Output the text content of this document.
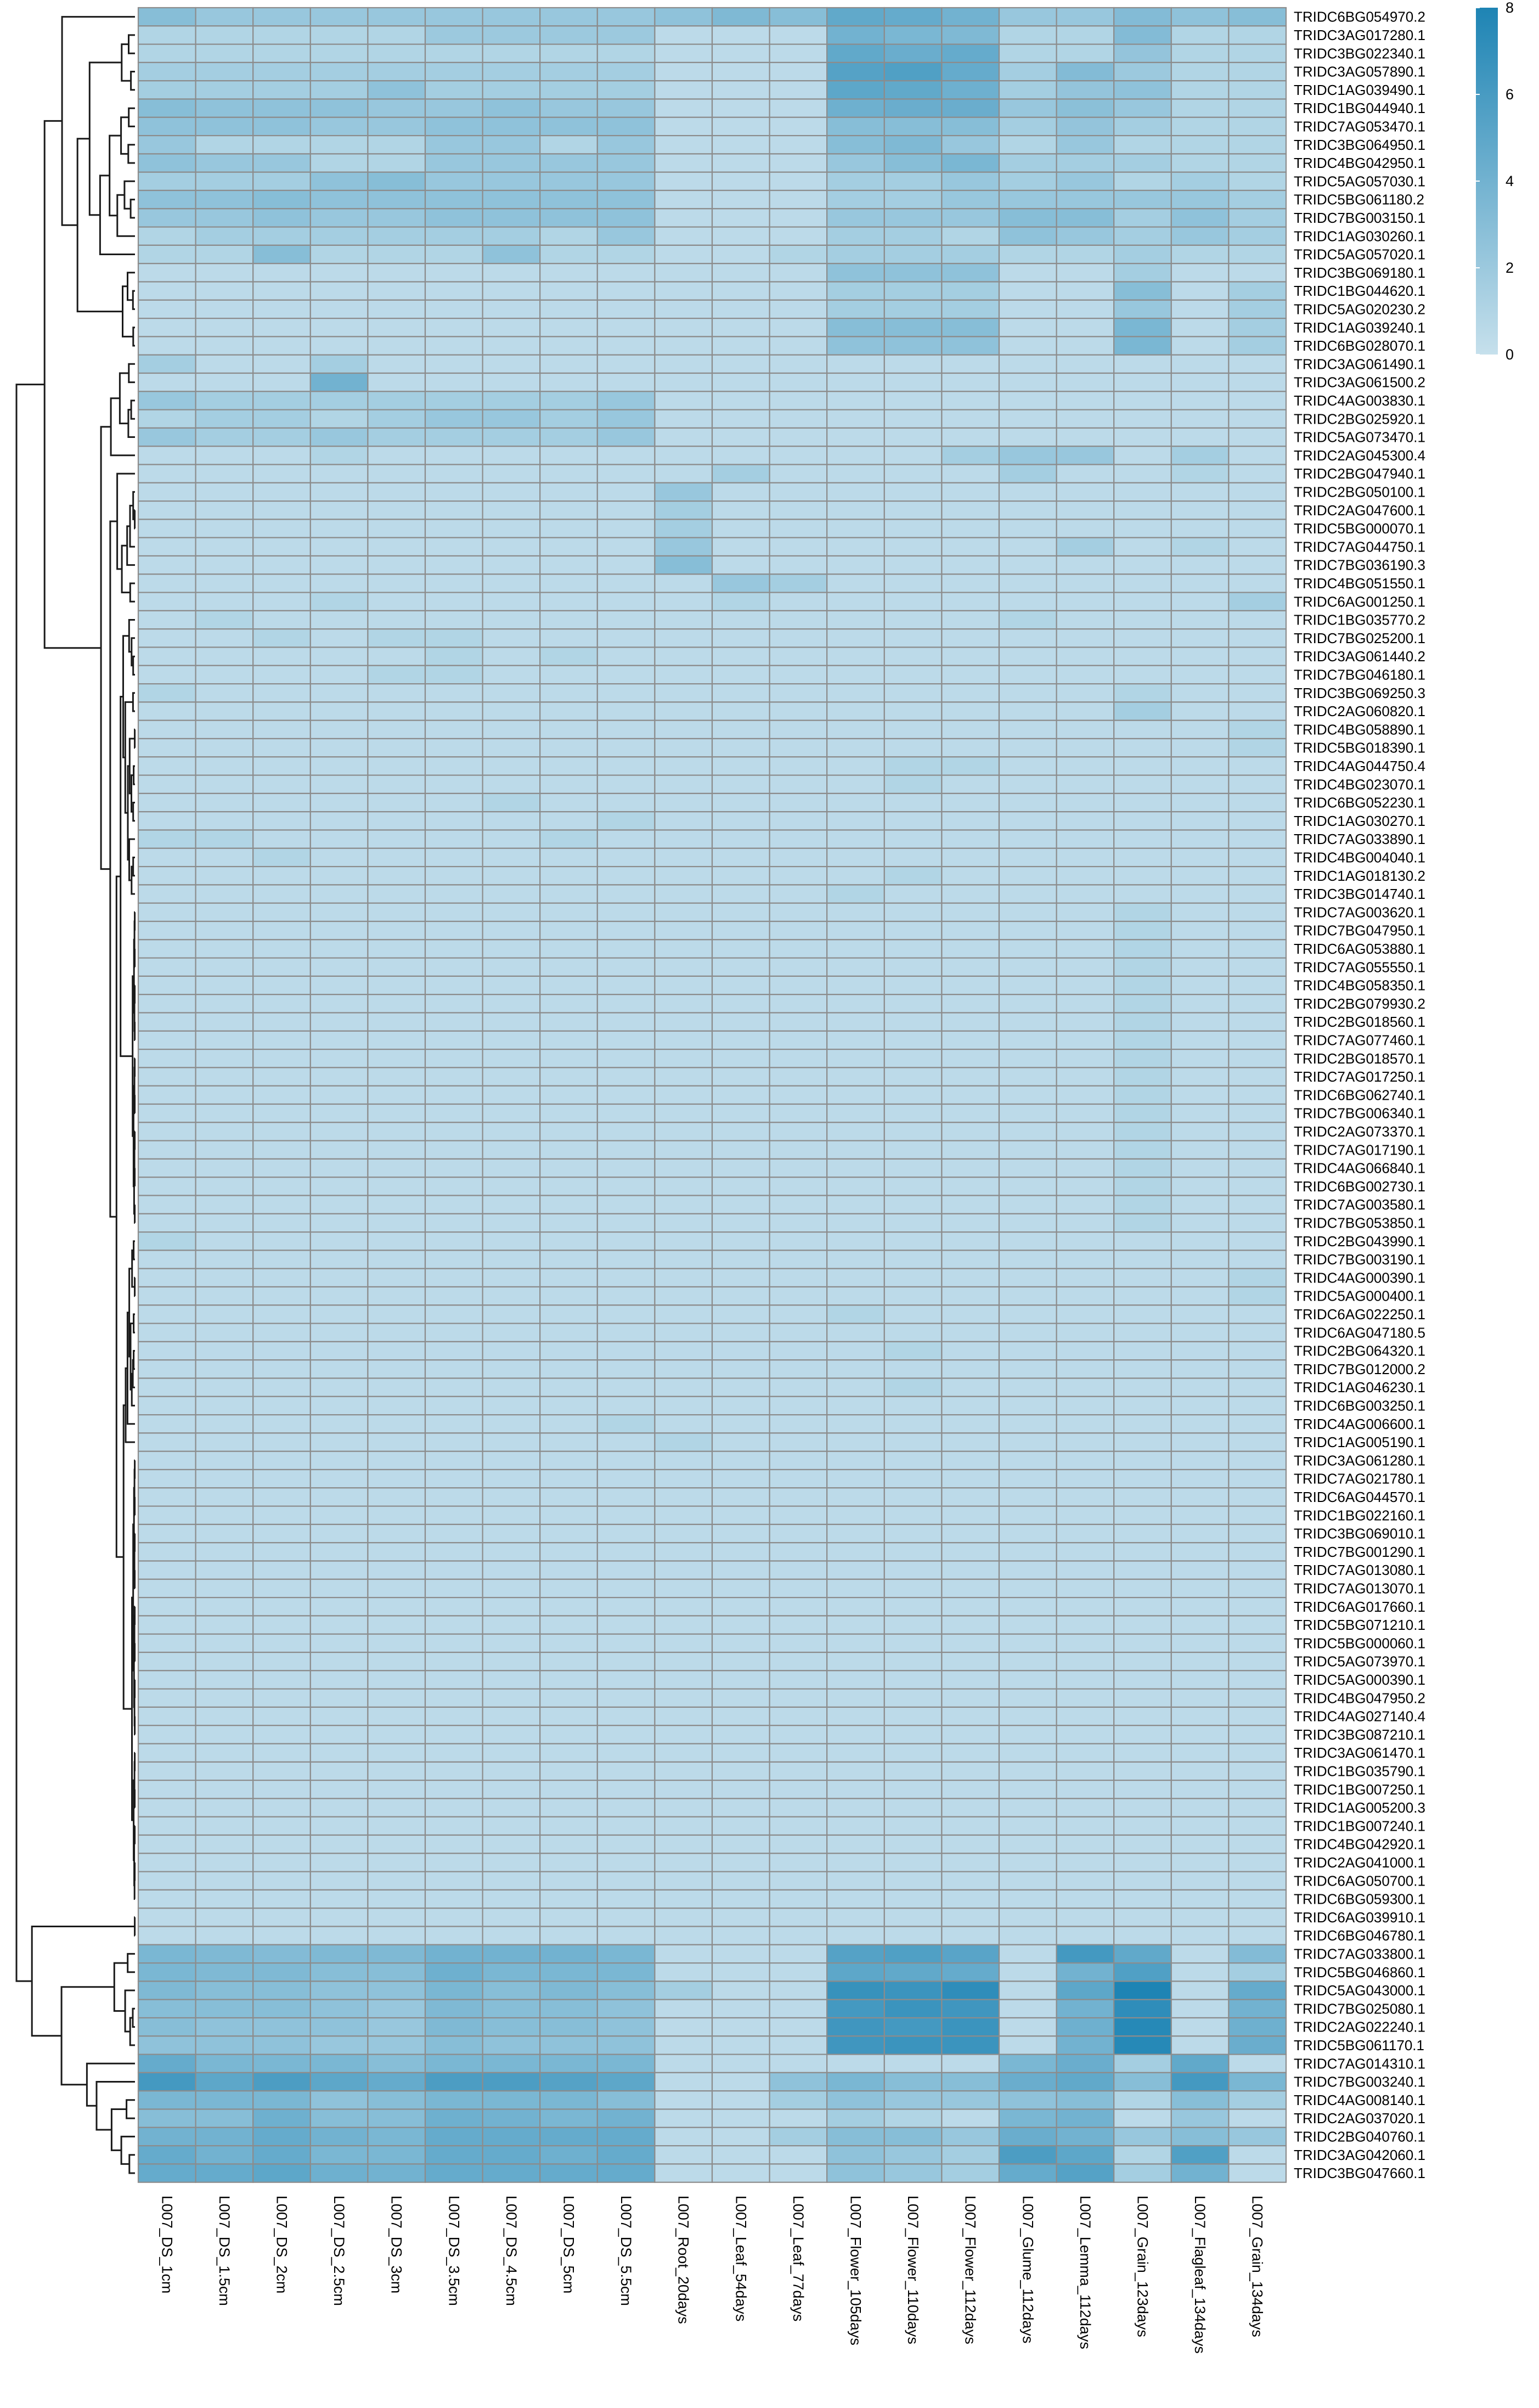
TRIDC6BG054970.2
TRIDC3AG017280.1
TRIDC3BG022340.1
TRIDC3AG057890.1
TRIDC1AG039490.1
TRIDC1BG044940.1
TRIDC7AG053470.1
TRIDC3BG064950.1
TRIDC4BG042950.1
TRIDC5AG057030.1
TRIDC5BG061180.2
TRIDC7BG003150.1
TRIDC1AG030260.1
TRIDC5AG057020.1
TRIDC3BG069180.1
TRIDC1BG044620.1
TRIDC5AG020230.2
TRIDC1AG039240.1
TRIDC6BG028070.1
TRIDC3AG061490.1
TRIDC3AG061500.2
TRIDC4AG003830.1
TRIDC2BG025920.1
TRIDC5AG073470.1
TRIDC2AG045300.4
TRIDC2BG047940.1
TRIDC2BG050100.1
TRIDC2AG047600.1
TRIDC5BG000070.1
TRIDC7AG044750.1
TRIDC7BG036190.3
TRIDC4BG051550.1
TRIDC6AG001250.1
TRIDC1BG035770.2
TRIDC7BG025200.1
TRIDC3AG061440.2
TRIDC7BG046180.1
TRIDC3BG069250.3
TRIDC2AG060820.1
TRIDC4BG058890.1
TRIDC5BG018390.1
TRIDC4AG044750.4
TRIDC4BG023070.1
TRIDC6BG052230.1
TRIDC1AG030270.1
TRIDC7AG033890.1
TRIDC4BG004040.1
TRIDC1AG018130.2
TRIDC3BG014740.1
TRIDC7AG003620.1
TRIDC7BG047950.1
TRIDC6AG053880.1
TRIDC7AG055550.1
TRIDC4BG058350.1
TRIDC2BG079930.2
TRIDC2BG018560.1
TRIDC7AG077460.1
TRIDC2BG018570.1
TRIDC7AG017250.1
TRIDC6BG062740.1
TRIDC7BG006340.1
TRIDC2AG073370.1
TRIDC7AG017190.1
TRIDC4AG066840.1
TRIDC6BG002730.1
TRIDC7AG003580.1
TRIDC7BG053850.1
TRIDC2BG043990.1
TRIDC7BG003190.1
TRIDC4AG000390.1
TRIDC5AG000400.1
TRIDC6AG022250.1
TRIDC6AG047180.5
TRIDC2BG064320.1
TRIDC7BG012000.2
TRIDC1AG046230.1
TRIDC6BG003250.1
TRIDC4AG006600.1
TRIDC1AG005190.1
TRIDC3AG061280.1
TRIDC7AG021780.1
TRIDC6AG044570.1
TRIDC1BG022160.1
TRIDC3BG069010.1
TRIDC7BG001290.1
TRIDC7AG013080.1
TRIDC7AG013070.1
TRIDC6AG017660.1
TRIDC5BG071210.1
TRIDC5BG000060.1
TRIDC5AG073970.1
TRIDC5AG000390.1
TRIDC4BG047950.2
TRIDC4AG027140.4
TRIDC3BG087210.1
TRIDC3AG061470.1
TRIDC1BG035790.1
TRIDC1BG007250.1
TRIDC1AG005200.3
TRIDC1BG007240.1
TRIDC4BG042920.1
TRIDC2AG041000.1
TRIDC6AG050700.1
TRIDC6BG059300.1
TRIDC6AG039910.1
TRIDC6BG046780.1
TRIDC7AG033800.1
TRIDC5BG046860.1
TRIDC5AG043000.1
TRIDC7BG025080.1
TRIDC2AG022240.1
TRIDC5BG061170.1
TRIDC7AG014310.1
TRIDC7BG003240.1
TRIDC4AG008140.1
TRIDC2AG037020.1
TRIDC2BG040760.1
TRIDC3AG042060.1
TRIDC3BG047660.1
L007_DS_1cm	L007_DS_1.5cm	L007_DS_2cm	L007_DS_2.5cm	L007_DS_3cm	L007_DS_3.5cm	L007_DS_4.5cm	L007_DS_5cm	L007_DS_5.5cm	L007_Root_20days	L007_Leaf_54days	L007_Leaf_77days	L007_Flower_105days	L007_Flower_110days	L007_Flower_112days	L007_Glume_112days	L007_Lemma_112days	L007_Grain_123days	L007_Flagleaf_134days	L007_Grain_134days
0
2
4
6
8
